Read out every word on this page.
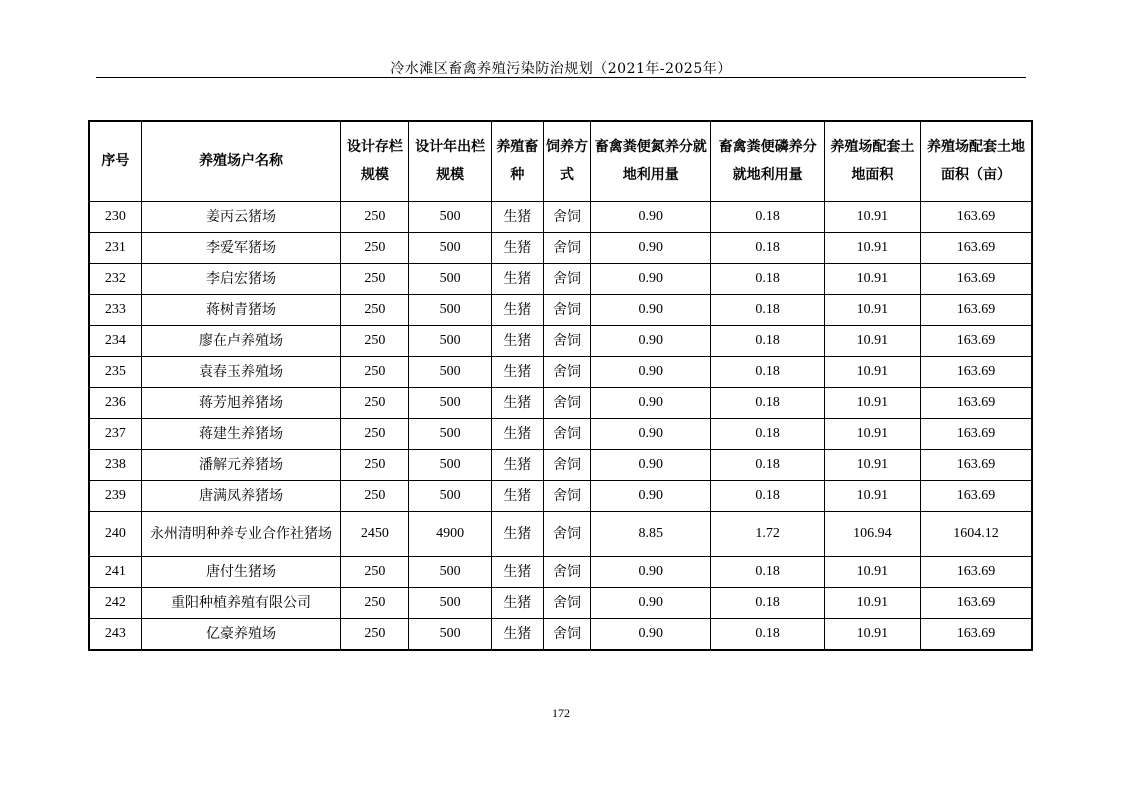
冷水滩区畜禽养殖污染防治规划（2021年-2025年）
序号	养殖场户名称	设计存栏规模	设计年出栏规模	养殖畜种	饲养方式	畜禽粪便氮养分就地利用量	畜禽粪便磷养分就地利用量	养殖场配套土地面积	养殖场配套土地面积（亩）
230	姜丙云猪场	250	500	生猪	舍饲	0.90	0.18	10.91	163.69
231	李爱军猪场	250	500	生猪	舍饲	0.90	0.18	10.91	163.69
232	李启宏猪场	250	500	生猪	舍饲	0.90	0.18	10.91	163.69
233	蒋树青猪场	250	500	生猪	舍饲	0.90	0.18	10.91	163.69
234	廖在卢养殖场	250	500	生猪	舍饲	0.90	0.18	10.91	163.69
235	袁春玉养殖场	250	500	生猪	舍饲	0.90	0.18	10.91	163.69
236	蒋芳旭养猪场	250	500	生猪	舍饲	0.90	0.18	10.91	163.69
237	蒋建生养猪场	250	500	生猪	舍饲	0.90	0.18	10.91	163.69
238	潘解元养猪场	250	500	生猪	舍饲	0.90	0.18	10.91	163.69
239	唐满凤养猪场	250	500	生猪	舍饲	0.90	0.18	10.91	163.69
240	永州清明种养专业合作社猪场	2450	4900	生猪	舍饲	8.85	1.72	106.94	1604.12
241	唐付生猪场	250	500	生猪	舍饲	0.90	0.18	10.91	163.69
242	重阳种植养殖有限公司	250	500	生猪	舍饲	0.90	0.18	10.91	163.69
243	亿豪养殖场	250	500	生猪	舍饲	0.90	0.18	10.91	163.69
172
